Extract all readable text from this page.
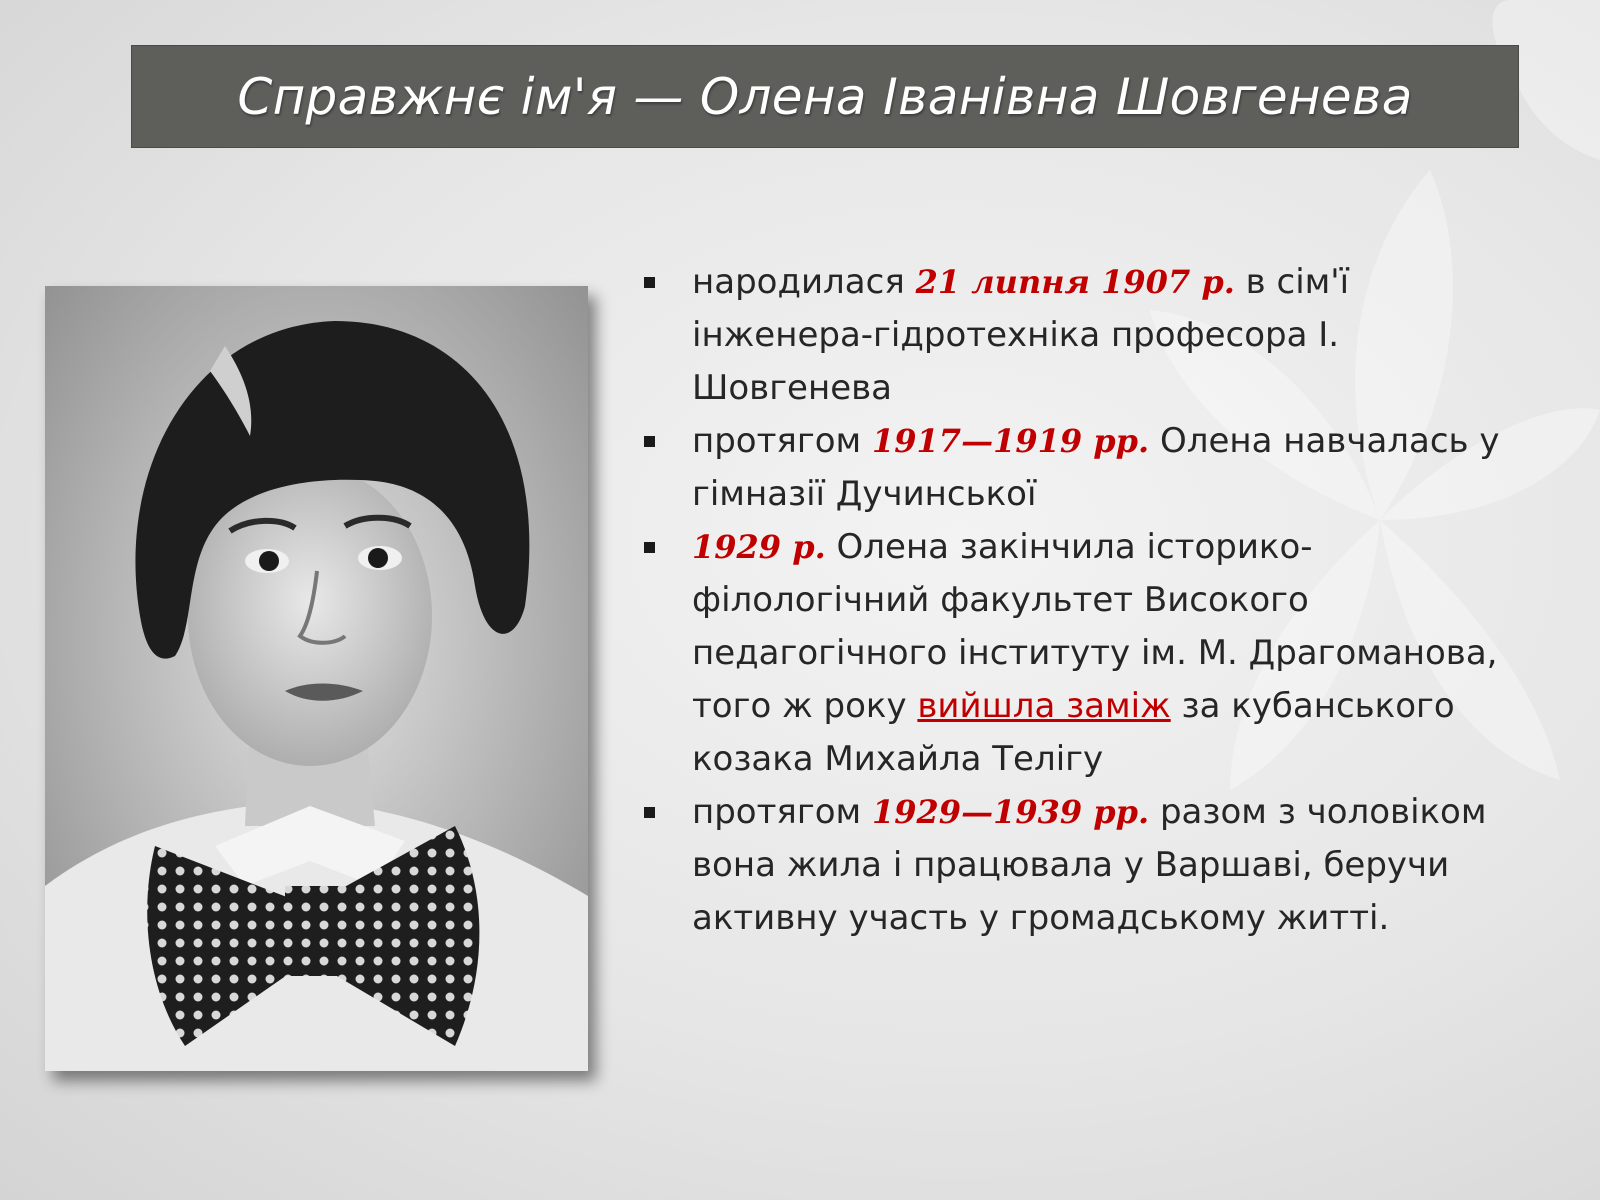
Справжнє ім'я — Олена Іванівна Шовгенева
народилася 21 липня 1907 р. в сім'ї інженера-гідротехніка професора І. Шовгенева
протягом 1917—1919 рр. Олена навчалась у гімназії Дучинської
1929 р. Олена закінчила історико-філологічний факультет Високого педагогічного інституту ім. М. Драгоманова, того ж року вийшла заміж за кубанського козака Михайла Телігу
протягом 1929—1939 рр. разом з чоловіком вона жила і працювала у Варшаві, беручи активну участь у громадському житті.
